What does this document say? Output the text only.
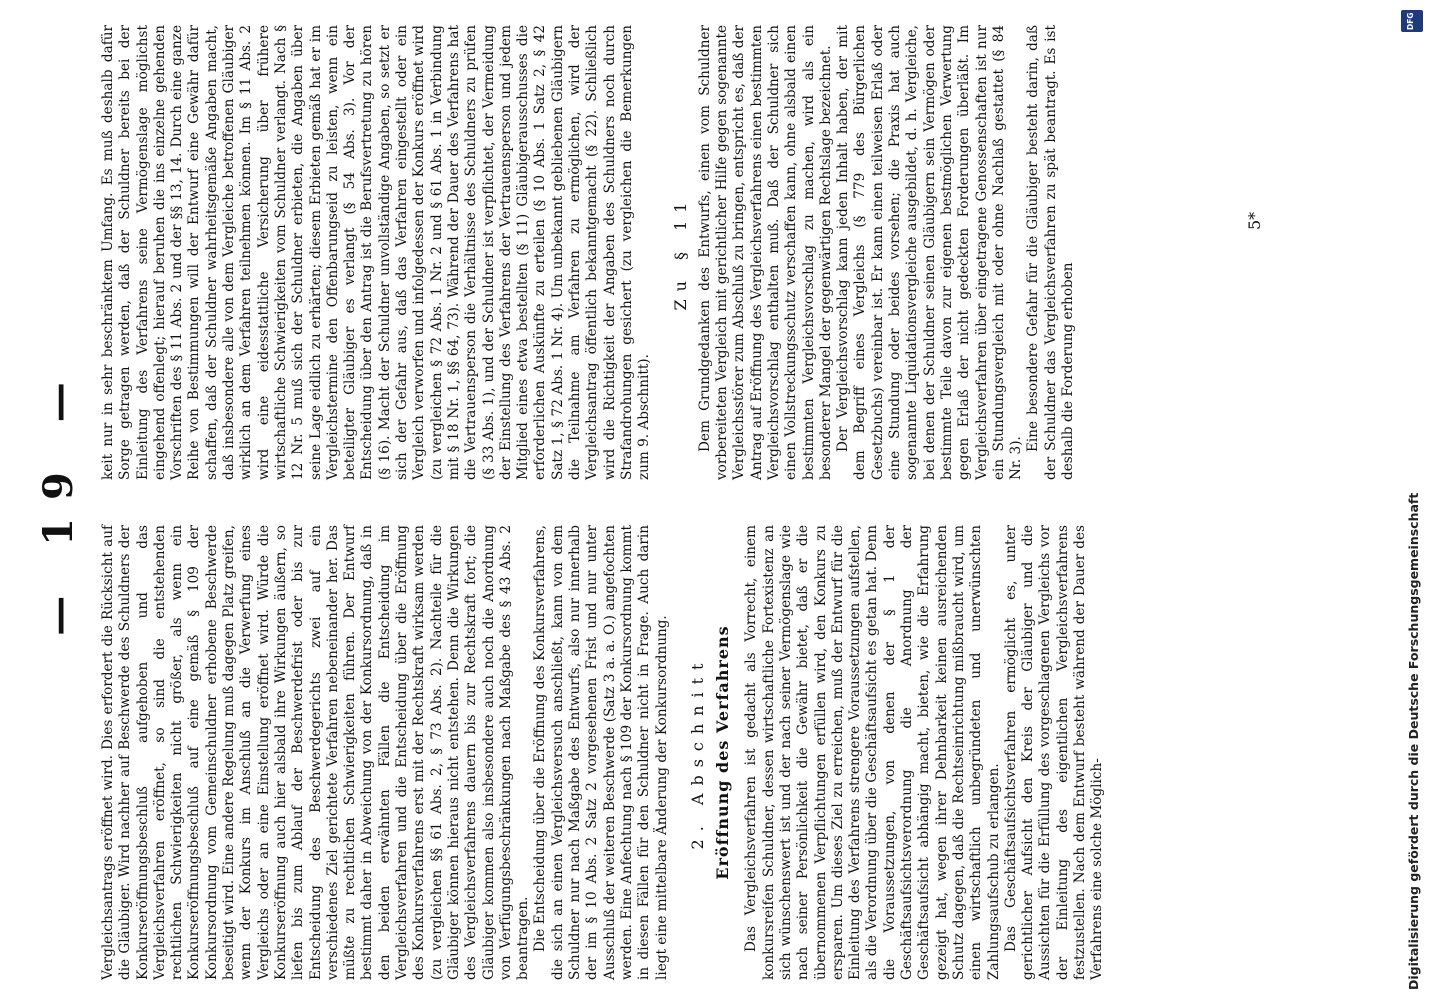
— 19 —

Vergleichsantrags eröffnet wird. Dies erfordert die Rücksicht auf die Gläubiger. Wird nachher auf Beschwerde des Schuldners der Konkurseröffnungsbeschluß aufgehoben und das Vergleichsverfahren eröffnet, so sind die entstehenden rechtlichen Schwierigkeiten nicht größer, als wenn ein Konkurseröffnungsbeschluß auf eine gemäß § 109 der Konkursordnung vom Gemeinschuldner erhobene Beschwerde beseitigt wird. Eine andere Regelung muß dagegen Platz greifen, wenn der Konkurs im Anschluß an die Verwerfung eines Vergleichs oder an eine Einstellung eröffnet wird. Würde die Konkurseröffnung auch hier alsbald ihre Wirkungen äußern, so liefen bis zum Ablauf der Beschwerdefrist oder bis zur Entscheidung des Beschwerdegerichts zwei auf ein verschiedenes Ziel gerichtete Verfahren nebeneinander her. Das müßte zu rechtlichen Schwierigkeiten führen. Der Entwurf bestimmt daher in Abweichung von der Konkursordnung, daß in den beiden erwähnten Fällen die Entscheidung im Vergleichsverfahren und die Entscheidung über die Eröffnung des Konkursverfahrens erst mit der Rechtskraft wirksam werden (zu vergleichen §§ 61 Abs. 2, § 73 Abs. 2). Nachteile für die Gläubiger können hieraus nicht entstehen. Denn die Wirkungen des Vergleichsverfahrens dauern bis zur Rechtskraft fort; die Gläubiger kommen also insbesondere auch noch die Anordnung von Verfügungsbeschränkungen nach Maßgabe des § 43 Abs. 2 beantragen. Die Entscheidung über die Eröffnung des Konkursverfahrens, die sich an einen Vergleichsversuch anschließt, kann von dem Schuldner nur nach Maßgabe des Entwurfs, also nur innerhalb der im § 10 Abs. 2 Satz 2 vorgesehenen Frist und nur unter Ausschluß der weiteren Beschwerde (Satz 3 a. a. O.) angefochten werden. Eine Anfechtung nach § 109 der Konkursordnung kommt in diesen Fällen für den Schuldner nicht in Frage. Auch darin liegt eine mittelbare Änderung der Konkursordnung. 2. Abschnitt Eröffnung des Verfahrens Das Vergleichsverfahren ist gedacht als Vorrecht, einem konkursreifen Schuldner, dessen wirtschaftliche Fortexistenz an sich wünschenswert ist und der nach seiner Vermögenslage wie nach seiner Persönlichkeit die Gewähr bietet, daß er die übernommenen Verpflichtungen erfüllen wird, den Konkurs zu ersparen. Um dieses Ziel zu erreichen, muß der Entwurf für die Einleitung des Verfahrens strengere Voraussetzungen aufstellen, als die Verordnung über die Geschäftsaufsicht es getan hat. Denn die Voraussetzungen, von denen der § 1 der Geschäftsaufsichtsverordnung die Anordnung der Geschäftsaufsicht abhängig macht, bieten, wie die Erfahrung gezeigt hat, wegen ihrer Dehnbarkeit keinen ausreichenden Schutz dagegen, daß die Rechtseinrichtung mißbraucht wird, um einen wirtschaftlich unbegründeten und unerwünschten Zahlungsaufschub zu erlangen. Das Geschäftsaufsichtsverfahren ermöglicht es, unter gerichtlicher Aufsicht den Kreis der Gläubiger und die Aussichten für die Erfüllung des vorgeschlagenen Vergleichs vor der Einleitung des eigentlichen Vergleichsverfahrens festzustellen. Nach dem Entwurf besteht während der Dauer des Verfahrens eine solche Möglich-

keit nur in sehr beschränktem Umfang. Es muß deshalb dafür Sorge getragen werden, daß der Schuldner bereits bei der Einleitung des Verfahrens seine Vermögenslage möglichst eingehend offenlegt; hierauf beruhen die ins einzelne gehenden Vorschriften des § 11 Abs. 2 und der §§ 13, 14. Durch eine ganze Reihe von Bestimmungen will der Entwurf eine Gewähr dafür schaffen, daß der Schuldner wahrheitsgemäße Angaben macht, daß insbesondere alle von dem Vergleiche betroffenen Gläubiger wirklich an dem Verfahren teilnehmen können. Im § 11 Abs. 2 wird eine eidesstattliche Versicherung über frühere wirtschaftliche Schwierigkeiten vom Schuldner verlangt. Nach § 12 Nr. 5 muß sich der Schuldner erbieten, die Angaben über seine Lage eidlich zu erhärten; diesem Erbieten gemäß hat er im Vergleichstermine den Offenbarungseid zu leisten, wenn ein beteiligter Gläubiger es verlangt (§ 54 Abs. 3). Vor der Entscheidung über den Antrag ist die Berufsvertretung zu hören (§ 16). Macht der Schuldner unvollständige Angaben, so setzt er sich der Gefahr aus, daß das Verfahren eingestellt oder ein Vergleich verworfen und infolgedessen der Konkurs eröffnet wird (zu vergleichen § 72 Abs. 1 Nr. 2 und § 61 Abs. 1 in Verbindung mit § 18 Nr. 1, §§ 64, 73). Während der Dauer des Verfahrens hat die Vertrauensperson die Verhältnisse des Schuldners zu prüfen (§ 33 Abs. 1), und der Schuldner ist verpflichtet, der Vermeidung der Einstellung des Verfahrens der Vertrauensperson und jedem Mitglied eines etwa bestellten (§ 11) Gläubigerausschusses die erforderlichen Auskünfte zu erteilen (§ 10 Abs. 1 Satz 2, § 42 Satz 1, § 72 Abs. 1 Nr. 4). Um unbekannt gebliebenen Gläubigern die Teilnahme am Verfahren zu ermöglichen, wird der Vergleichsantrag öffentlich bekanntgemacht (§ 22). Schließlich wird die Richtigkeit der Angaben des Schuldners noch durch Strafandrohungen gesichert (zu vergleichen die Bemerkungen zum 9. Abschnitt).

Zu § 11 Dem Grundgedanken des Entwurfs, einen vom Schuldner vorbereiteten Vergleich mit gerichtlicher Hilfe gegen sogenannte Vergleichsstörer zum Abschluß zu bringen, entspricht es, daß der Antrag auf Eröffnung des Vergleichsverfahrens einen bestimmten Vergleichsvorschlag enthalten muß. Daß der Schuldner sich einen Vollstreckungsschutz verschaffen kann, ohne alsbald einen bestimmten Vergleichsvorschlag zu machen, wird als ein besonderer Mangel der gegenwärtigen Rechtslage bezeichnet. Der Vergleichsvorschlag kann jeden Inhalt haben, der mit dem Begriff eines Vergleichs (§ 779 des Bürgerlichen Gesetzbuchs) vereinbar ist. Er kann einen teilweisen Erlaß oder eine Stundung oder beides vorsehen; die Praxis hat auch sogenannte Liquidationsvergleiche ausgebildet, d. h. Vergleiche, bei denen der Schuldner seinen Gläubigern sein Vermögen oder bestimmte Teile davon zur eigenen bestmöglichen Verwertung gegen Erlaß der nicht gedeckten Forderungen überläßt. Im Vergleichsverfahren über eingetragene Genossenschaften ist nur ein Stundungsvergleich mit oder ohne Nachlaß gestattet (§ 84 Nr. 3).

Eine besondere Gefahr für die Gläubiger besteht darin, daß der Schuldner das Vergleichsverfahren zu spät beantragt. Es ist deshalb die Forderung erhoben

5*
Digitalisierung gefördert durch die Deutsche Forschungsgemeinschaft
DFG
